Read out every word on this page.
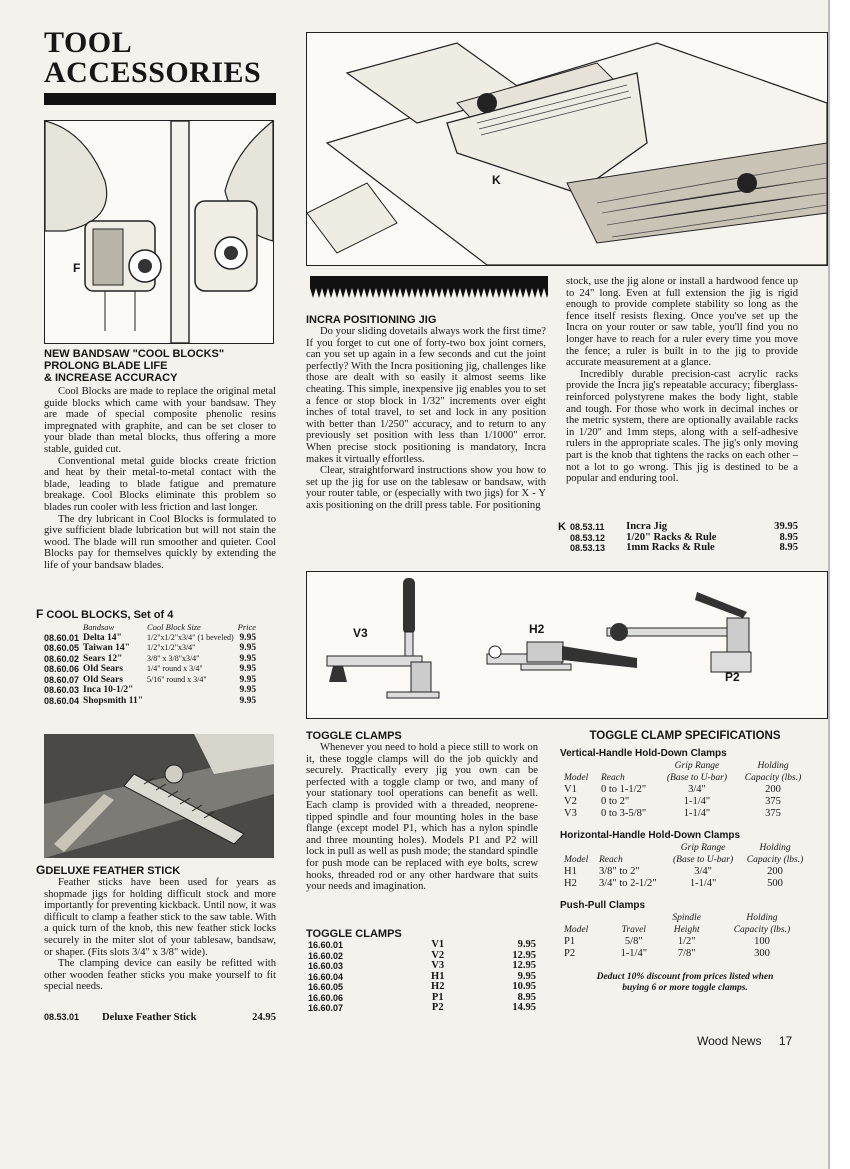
TOOL
ACCESSORIES
F
NEW BANDSAW "COOL BLOCKS"
PROLONG BLADE LIFE
& INCREASE ACCURACY

Cool Blocks are made to replace the original metal guide blocks which came with your bandsaw. They are made of special composite phenolic resins impregnated with graphite, and can be set closer to your blade than metal blocks, thus offering a more stable, guided cut.

Conventional metal guide blocks create friction and heat by their metal-to-metal contact with the blade, leading to blade fatigue and premature breakage. Cool Blocks eliminate this problem so blades run cooler with less friction and last longer.

The dry lubricant in Cool Blocks is formulated to give sufficient blade lubrication but will not stain the wood. The blade will run smoother and quieter. Cool Blocks pay for themselves quickly by extending the life of your bandsaw blades.

F COOL BLOCKS, Set of 4
	Bandsaw	Cool Block Size	Price
08.60.01	Delta 14"	1/2"x1/2"x3/4" (1 beveled)	9.95
08.60.05	Taiwan 14"	1/2"x1/2"x3/4"	9.95
08.60.02	Sears 12"	3/8" x 3/8"x3/4"	9.95
08.60.06	Old Sears	1/4" round x 3/4"	9.95
08.60.07	Old Sears	5/16" round x 3/4"	9.95
08.60.03	Inca 10-1/2"		9.95
08.60.04	Shopsmith 11"		9.95
GDELUXE FEATHER STICK

Feather sticks have been used for years as shopmade jigs for holding difficult stock and more importantly for preventing kickback. Until now, it was difficult to clamp a feather stick to the saw table. With a quick turn of the knob, this new feather stick locks securely in the miter slot of your tablesaw, bandsaw, or shaper. (Fits slots 3/4" x 3/8" wide).

The clamping device can easily be refitted with other wooden feather sticks you make yourself to fit special needs.

08.53.01	Deluxe Feather Stick	24.95
K
INCRA POSITIONING JIG

Do your sliding dovetails always work the first time? If you forget to cut one of forty-two box joint corners, can you set up again in a few seconds and cut the joint perfectly? With the Incra positioning jig, challenges like those are dealt with so easily it almost seems like cheating. This simple, inexpensive jig enables you to set a fence or stop block in 1/32" increments over eight inches of total travel, to set and lock in any position with better than 1/250" accuracy, and to return to any previously set position with less than 1/1000" error. When precise stock positioning is mandatory, Incra makes it virtually effortless.

Clear, straightforward instructions show you how to set up the jig for use on the tablesaw or bandsaw, with your router table, or (especially with two jigs) for X - Y axis positioning on the drill press table. For positioning

stock, use the jig alone or install a hardwood fence up to 24" long. Even at full extension the jig is rigid enough to provide complete stability so long as the fence itself resists flexing. Once you've set up the Incra on your router or saw table, you'll find you no longer have to reach for a ruler every time you move the fence; a ruler is built in to the jig to provide accurate measurement at a glance.

Incredibly durable precision-cast acrylic racks provide the Incra jig's repeatable accuracy; fiberglass-reinforced polystyrene makes the body light, stable and tough. For those who work in decimal inches or the metric system, there are optionally available racks in 1/20" and 1mm steps, along with a self-adhesive rulers in the appropriate scales. The jig's only moving part is the knob that tightens the racks on each other – not a lot to go wrong. This jig is destined to be a popular and enduring tool.

K	08.53.11	Incra Jig	39.95
	08.53.12	1/20" Racks & Rule	8.95
	08.53.13	1mm Racks & Rule	8.95
V3	H2
P2
TOGGLE CLAMPS

Whenever you need to hold a piece still to work on it, these toggle clamps will do the job quickly and securely. Practically every jig you own can be perfected with a toggle clamp or two, and many of your stationary tool operations can benefit as well. Each clamp is provided with a threaded, neoprene-tipped spindle and four mounting holes in the base flange (except model P1, which has a nylon spindle and three mounting holes). Models P1 and P2 will lock in pull as well as push mode; the standard spindle for push mode can be replaced with eye bolts, screw hooks, threaded rod or any other hardware that suits your needs and imagination.

TOGGLE CLAMPS
16.60.01	V1	9.95
16.60.02	V2	12.95
16.60.03	V3	12.95
16.60.04	H1	9.95
16.60.05	H2	10.95
16.60.06	P1	8.95
16.60.07	P2	14.95
TOGGLE CLAMP SPECIFICATIONS
Vertical-Handle Hold-Down Clamps
		Grip Range	Holding
Model	Reach	(Base to U-bar)	Capacity (lbs.)
V1	0 to 1-1/2"	3/4"	200
V2	0 to 2"	1-1/4"	375
V3	0 to 3-5/8"	1-1/4"	375
Horizontal-Handle Hold-Down Clamps
		Grip Range	Holding
Model	Reach	(Base to U-bar)	Capacity (lbs.)
H1	3/8" to 2"	3/4"	200
H2	3/4" to 2-1/2"	1-1/4"	500
Push-Pull Clamps
		Spindle	Holding
Model	Travel	Height	Capacity (lbs.)
P1	5/8"	1/2"	100
P2	1-1/4"	7/8"	300
Deduct 10% discount from prices listed when
buying 6 or more toggle clamps.
Wood News 17
